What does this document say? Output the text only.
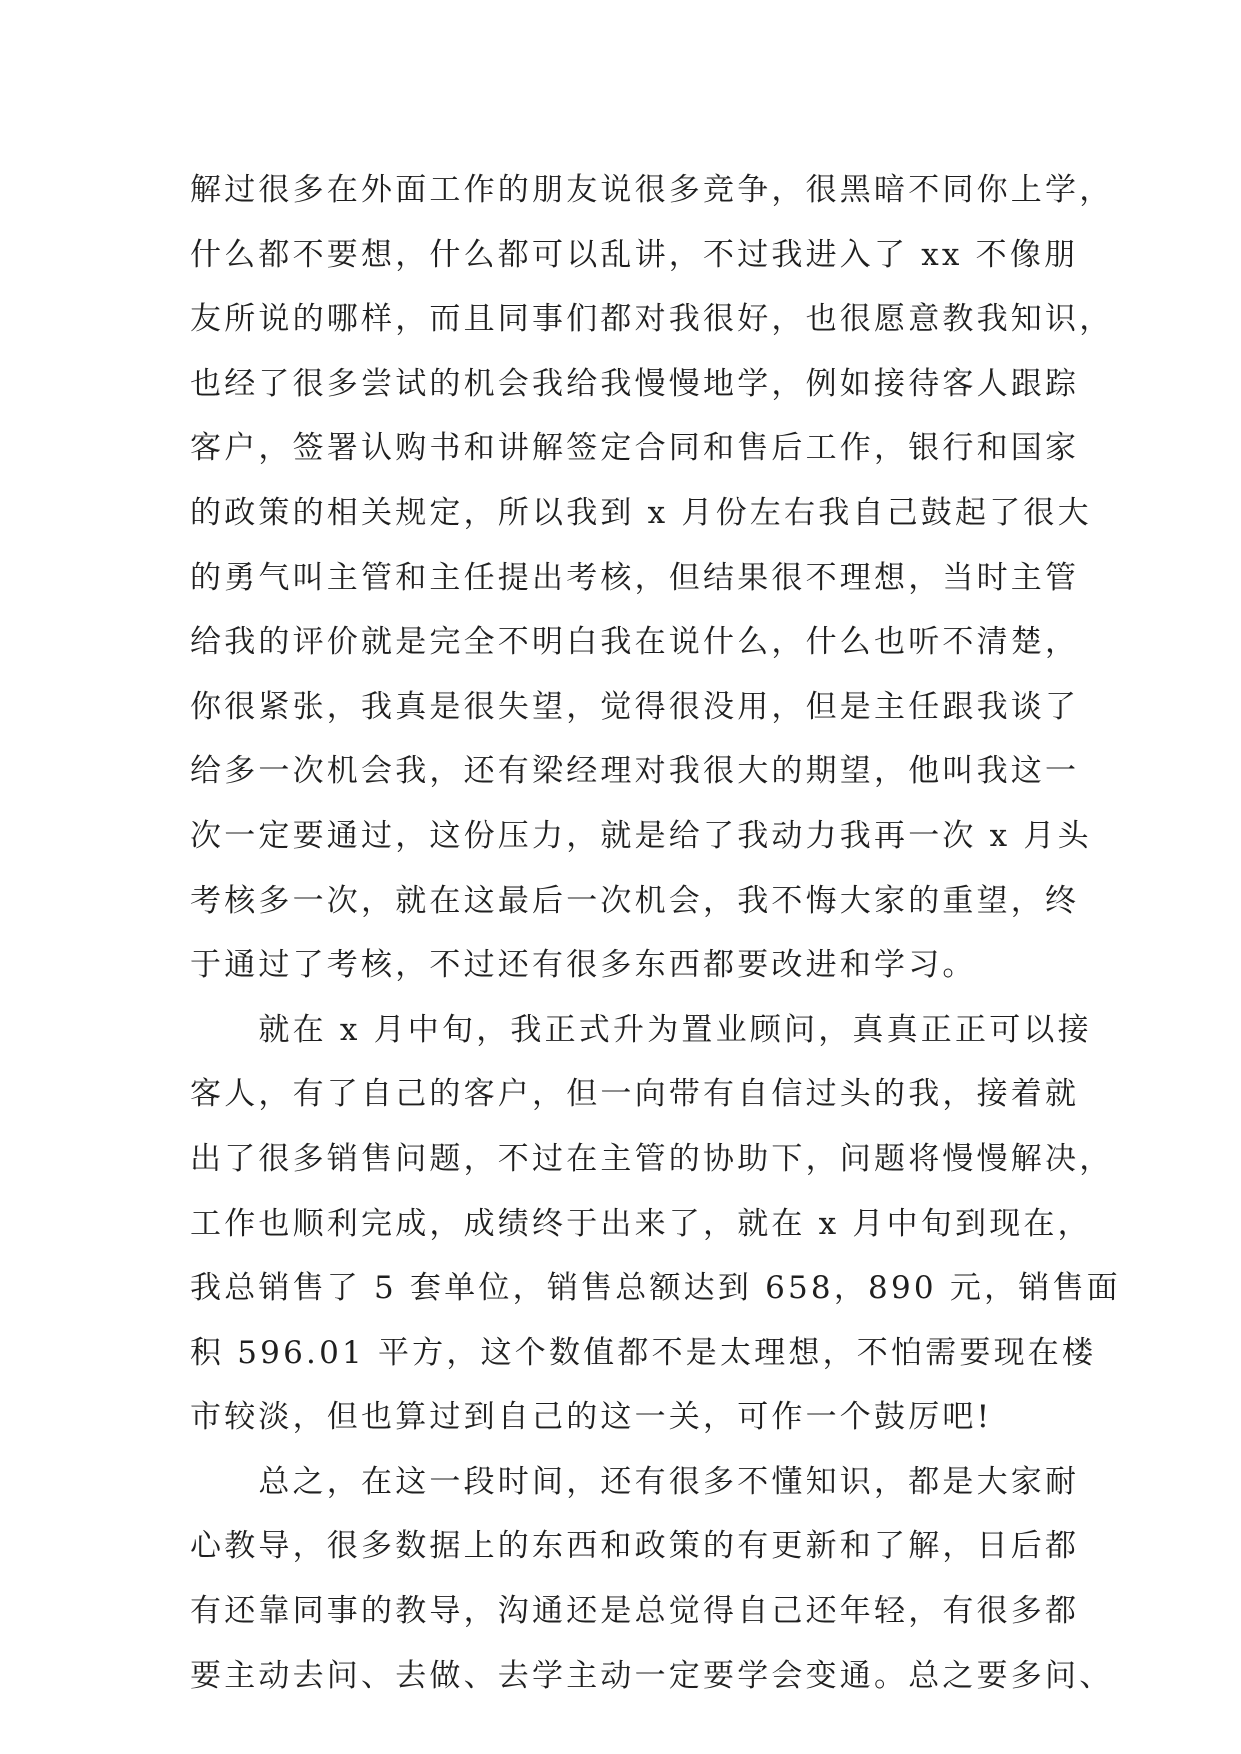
解过很多在外面工作的朋友说很多竞争，很黑暗不同你上学，
什么都不要想，什么都可以乱讲，不过我进入了 xx 不像朋
友所说的哪样，而且同事们都对我很好，也很愿意教我知识，
也经了很多尝试的机会我给我慢慢地学，例如接待客人跟踪
客户，签署认购书和讲解签定合同和售后工作，银行和国家
的政策的相关规定，所以我到 x 月份左右我自己鼓起了很大
的勇气叫主管和主任提出考核，但结果很不理想，当时主管
给我的评价就是完全不明白我在说什么，什么也听不清楚，
你很紧张，我真是很失望，觉得很没用，但是主任跟我谈了
给多一次机会我，还有梁经理对我很大的期望，他叫我这一
次一定要通过，这份压力，就是给了我动力我再一次 x 月头
考核多一次，就在这最后一次机会，我不悔大家的重望，终
于通过了考核，不过还有很多东西都要改进和学习。
　　就在 x 月中旬，我正式升为置业顾问，真真正正可以接
客人，有了自己的客户，但一向带有自信过头的我，接着就
出了很多销售问题，不过在主管的协助下，问题将慢慢解决，
工作也顺利完成，成绩终于出来了，就在 x 月中旬到现在，
我总销售了 5 套单位，销售总额达到 658，890 元，销售面
积 596.01 平方，这个数值都不是太理想，不怕需要现在楼
市较淡，但也算过到自己的这一关，可作一个鼓厉吧!
　　总之，在这一段时间，还有很多不懂知识，都是大家耐
心教导，很多数据上的东西和政策的有更新和了解，日后都
有还靠同事的教导，沟通还是总觉得自己还年轻，有很多都
要主动去问、去做、去学主动一定要学会变通。总之要多问、
